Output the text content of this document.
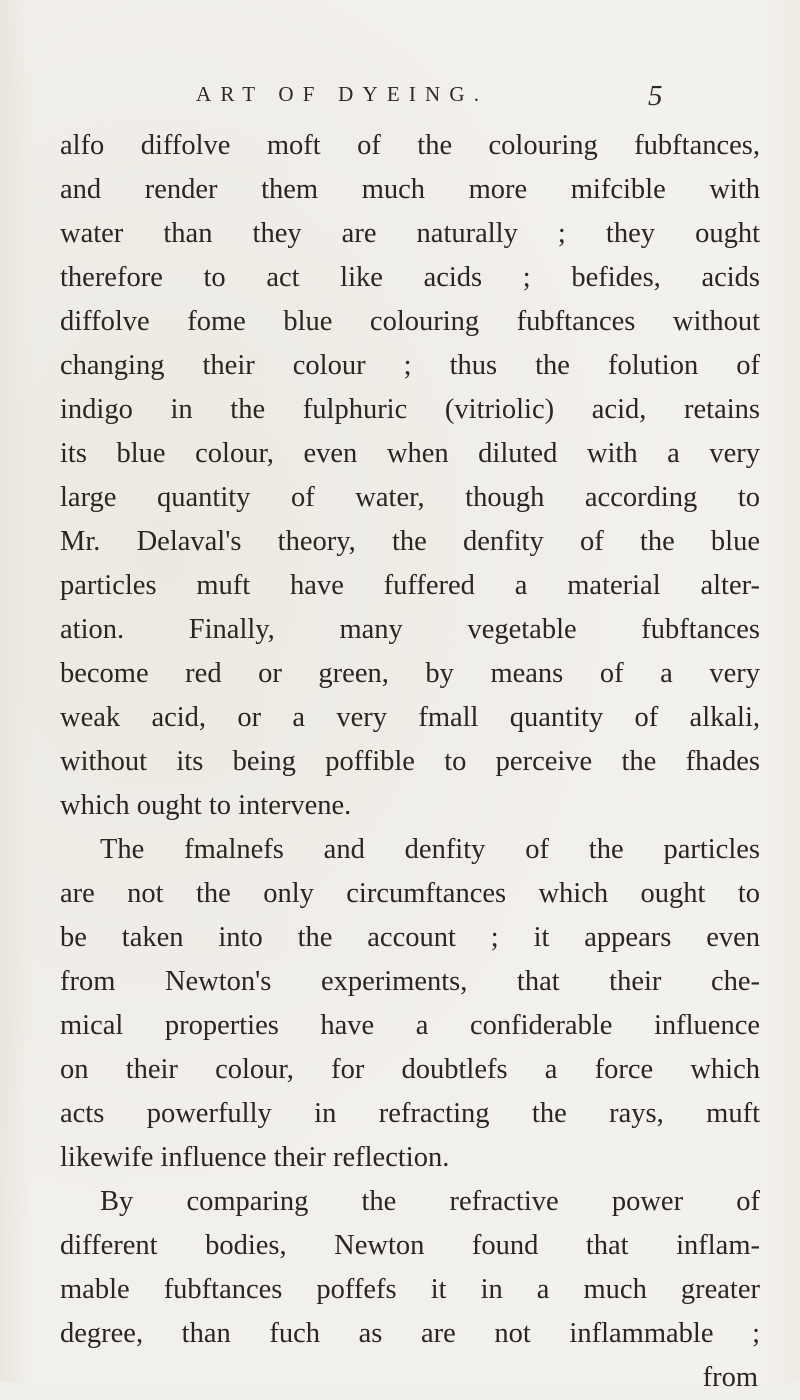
ART OF DYEING.	5
alfo diffolve moft of the colouring fubftances,
and render them much more mifcible with
water than they are naturally ; they ought
therefore to act like acids ; befides, acids
diffolve fome blue colouring fubftances without
changing their colour ; thus the folution of
indigo in the fulphuric (vitriolic) acid, retains
its blue colour, even when diluted with a very
large quantity of water, though according to
Mr. Delaval's theory, the denfity of the blue
particles muft have fuffered a material alter-
ation. Finally, many vegetable fubftances
become red or green, by means of a very
weak acid, or a very fmall quantity of alkali,
without its being poffible to perceive the fhades
which ought to intervene.
The fmalnefs and denfity of the particles
are not the only circumftances which ought to
be taken into the account ; it appears even
from Newton's experiments, that their che-
mical properties have a confiderable influence
on their colour, for doubtlefs a force which
acts powerfully in refracting the rays, muft
likewife influence their reflection.
By comparing the refractive power of
different bodies, Newton found that inflam-
mable fubftances poffefs it in a much greater
degree, than fuch as are not inflammable ;
from
